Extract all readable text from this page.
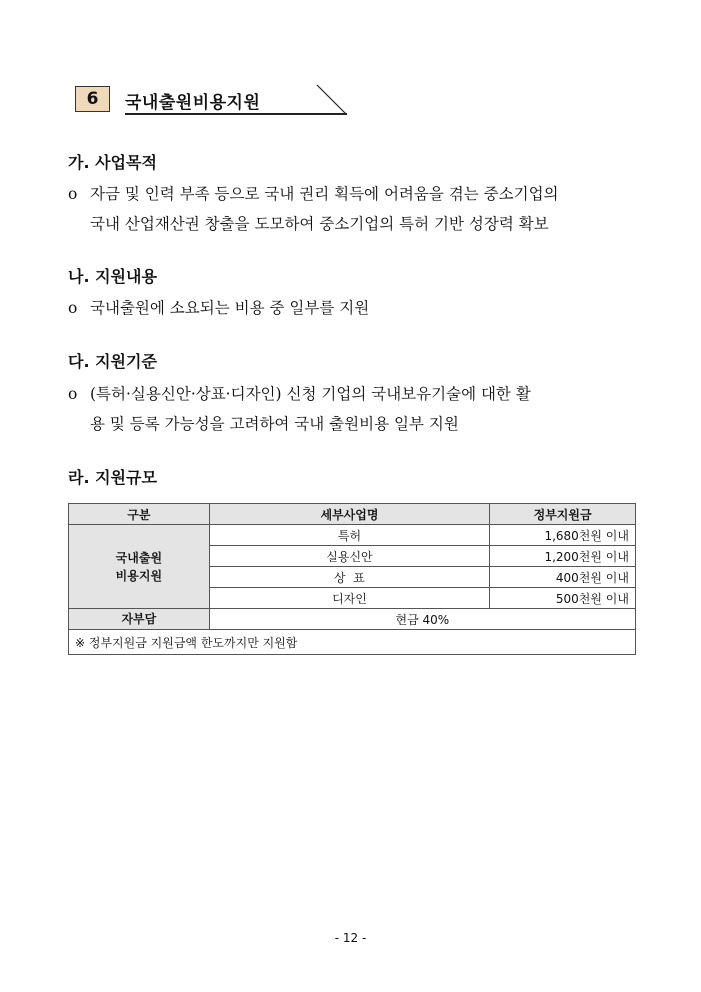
6	국내출원비용지원
가. 사업목적
o 자금 및 인력 부족 등으로 국내 권리 획득에 어려움을 겪는 중소기업의
국내 산업재산권 창출을 도모하여 중소기업의 특허 기반 성장력 확보
나. 지원내용
o 국내출원에 소요되는 비용 중 일부를 지원
다. 지원기준
o (특허·실용신안·상표·디자인) 신청 기업의 국내보유기술에 대한 활
용 및 등록 가능성을 고려하여 국내 출원비용 일부 지원
라. 지원규모
구분	세부사업명	정부지원금

국내출원
비용지원	특허	1,680천원 이내
	실용신안	1,200천원 이내
	상  표	400천원 이내
	디자인	500천원 이내
자부담	현금 40%	
※ 정부지원금 지원금액 한도까지만 지원함		
- 12 -
